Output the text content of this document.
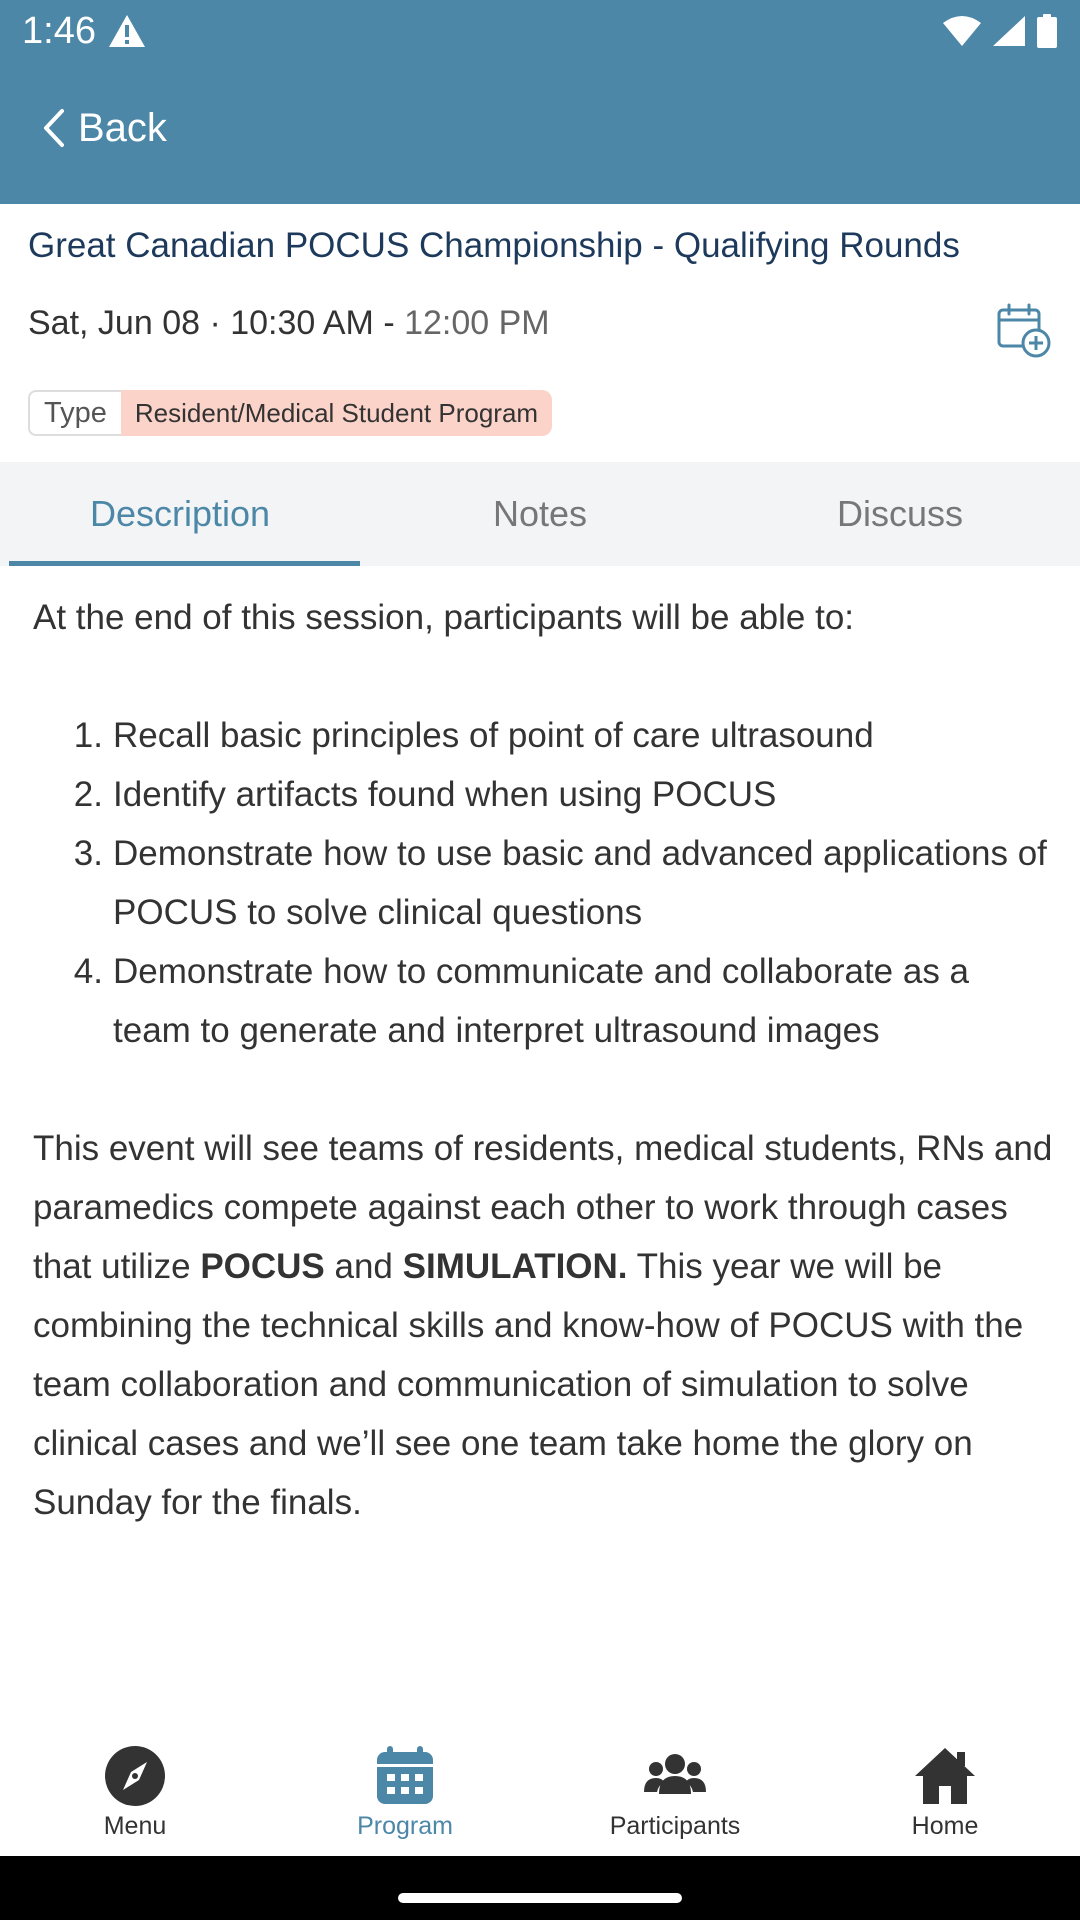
1:46
Back
Great Canadian POCUS Championship - Qualifying Rounds
Sat, Jun 08 · 10:30 AM - 12:00 PM
Type	Resident/Medical Student Program
Description	Notes	Discuss

At the end of this session, participants will be able to:

1. Recall basic principles of point of care ultrasound
2. Identify artifacts found when using POCUS
3. Demonstrate how to use basic and advanced applications of POCUS to solve clinical questions
4. Demonstrate how to communicate and collaborate as a team to generate and interpret ultrasound images

This event will see teams of residents, medical students, RNs and paramedics compete against each other to work through cases that utilize POCUS and SIMULATION. This year we will be combining the technical skills and know-how of POCUS with the team collaboration and communication of simulation to solve clinical cases and we’ll see one team take home the glory on Sunday for the finals.

Menu	Program	Participants	Home
